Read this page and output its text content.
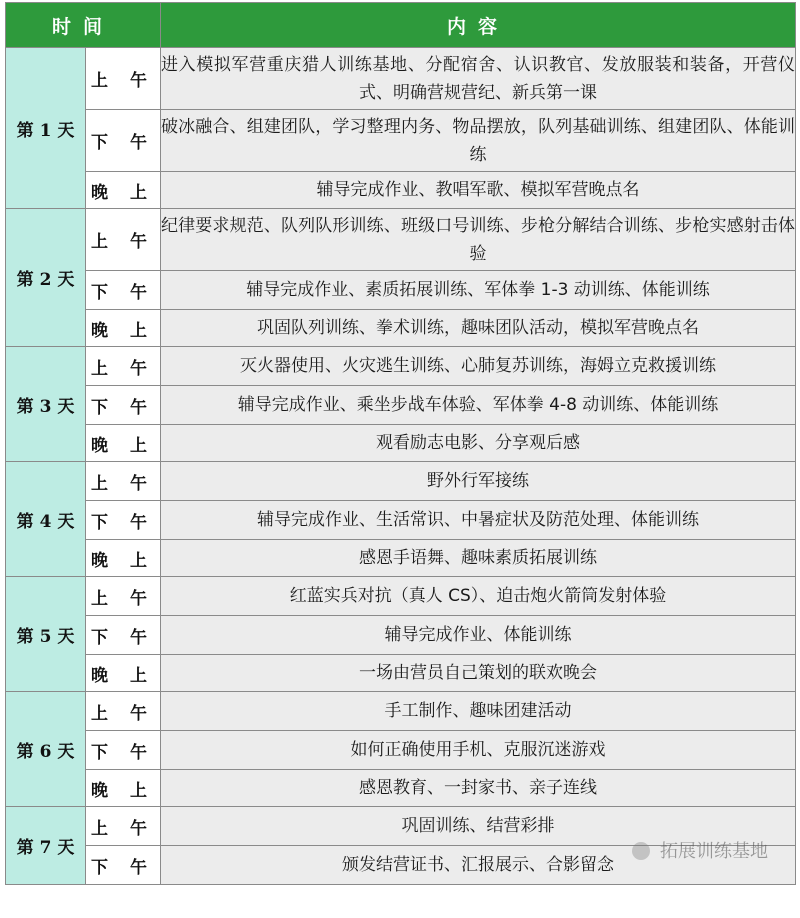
时间		内容
第 1 天	上 午	进入模拟军营重庆猎人训练基地、分配宿舍、认识教官、发放服装和装备，开营仪式、明确营规营纪、新兵第一课
	下 午	破冰融合、组建团队，学习整理内务、物品摆放，队列基础训练、组建团队、体能训练
	晚 上	辅导完成作业、教唱军歌、模拟军营晚点名
第 2 天	上 午	纪律要求规范、队列队形训练、班级口号训练、步枪分解结合训练、步枪实感射击体验
	下 午	辅导完成作业、素质拓展训练、军体拳 1-3 动训练、体能训练
	晚 上	巩固队列训练、拳术训练，趣味团队活动，模拟军营晚点名
第 3 天	上 午	灭火器使用、火灾逃生训练、心肺复苏训练，海姆立克救援训练
	下 午	辅导完成作业、乘坐步战车体验、军体拳 4-8 动训练、体能训练
	晚 上	观看励志电影、分享观后感
第 4 天	上 午	野外行军接练
	下 午	辅导完成作业、生活常识、中暑症状及防范处理、体能训练
	晚 上	感恩手语舞、趣味素质拓展训练
第 5 天	上 午	红蓝实兵对抗（真人 CS）、迫击炮火箭筒发射体验
	下 午	辅导完成作业、体能训练
	晚 上	一场由营员自己策划的联欢晚会
第 6 天	上 午	手工制作、趣味团建活动
	下 午	如何正确使用手机、克服沉迷游戏
	晚 上	感恩教育、一封家书、亲子连线
第 7 天	上 午	巩固训练、结营彩排
	下 午	颁发结营证书、汇报展示、合影留念
拓展训练基地
